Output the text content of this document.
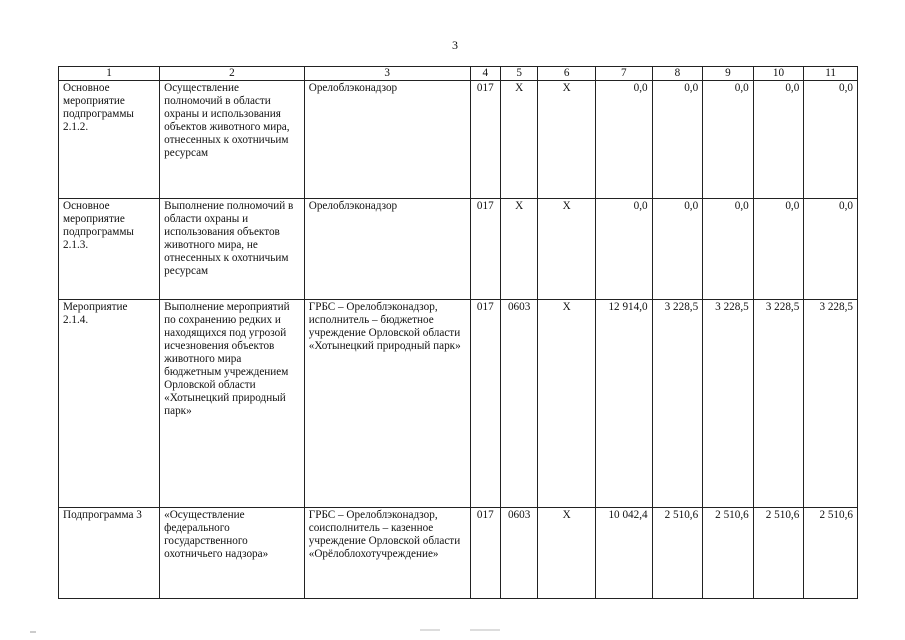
3
1	2	3	4	5	6	7	8	9	10	11
Основное мероприятие подпрограммы 2.1.2.	Осуществление полномочий в области охраны и использования объектов животного мира, отнесенных к охотничьим ресурсам	Орелоблэконадзор	017	Х	Х	0,0	0,0	0,0	0,0	0,0
Основное мероприятие подпрограммы 2.1.3.	Выполнение полномочий в области охраны и использования объектов животного мира, не отнесенных к охотничьим ресурсам	Орелоблэконадзор	017	Х	Х	0,0	0,0	0,0	0,0	0,0
Мероприятие 2.1.4.	Выполнение мероприятий по сохранению редких и находящихся под угрозой исчезновения объектов животного мира бюджетным учреждением Орловской области «Хотынецкий природный парк»	ГРБС – Орелоблэконадзор, исполнитель – бюджетное учреждение Орловской области «Хотынецкий природный парк»	017	0603	Х	12 914,0	3 228,5	3 228,5	3 228,5	3 228,5
Подпрограмма 3	«Осуществление федерального государственного охотничьего надзора»	ГРБС – Орелоблэконадзор, соисполнитель – казенное учреждение Орловской области «Орёлоблохотучреждение»	017	0603	Х	10 042,4	2 510,6	2 510,6	2 510,6	2 510,6
